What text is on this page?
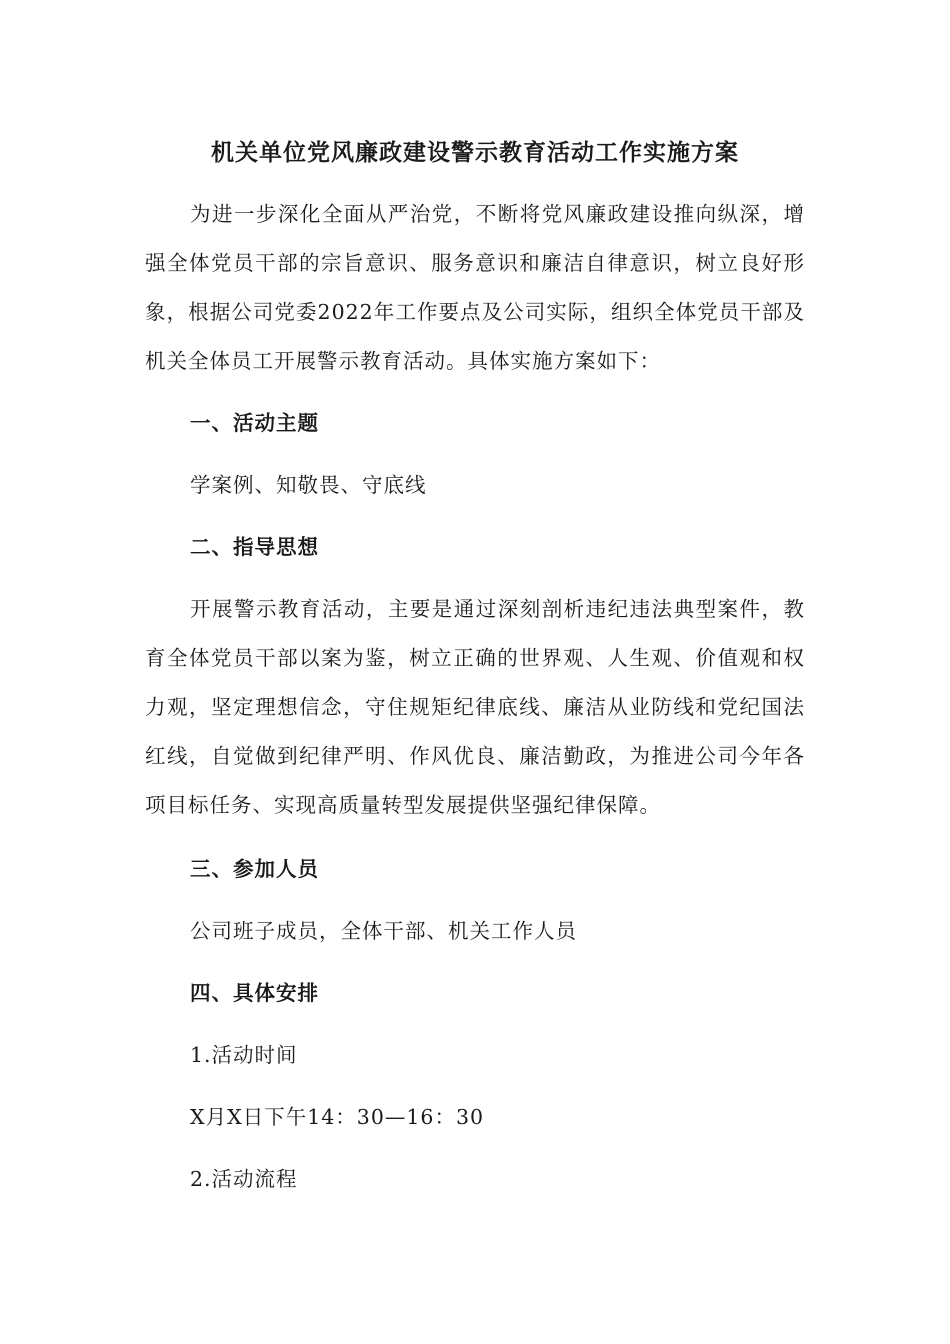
机关单位党风廉政建设警示教育活动工作实施方案
为进一步深化全面从严治党，不断将党风廉政建设推向纵深，增强全体党员干部的宗旨意识、服务意识和廉洁自律意识，树立良好形象，根据公司党委2022年工作要点及公司实际，组织全体党员干部及机关全体员工开展警示教育活动。具体实施方案如下：
一、活动主题
学案例、知敬畏、守底线
二、指导思想
开展警示教育活动，主要是通过深刻剖析违纪违法典型案件，教育全体党员干部以案为鉴，树立正确的世界观、人生观、价值观和权力观，坚定理想信念，守住规矩纪律底线、廉洁从业防线和党纪国法红线，自觉做到纪律严明、作风优良、廉洁勤政，为推进公司今年各项目标任务、实现高质量转型发展提供坚强纪律保障。
三、参加人员
公司班子成员，全体干部、机关工作人员
四、具体安排
1.活动时间
X月X日下午14：30—16：30
2.活动流程
